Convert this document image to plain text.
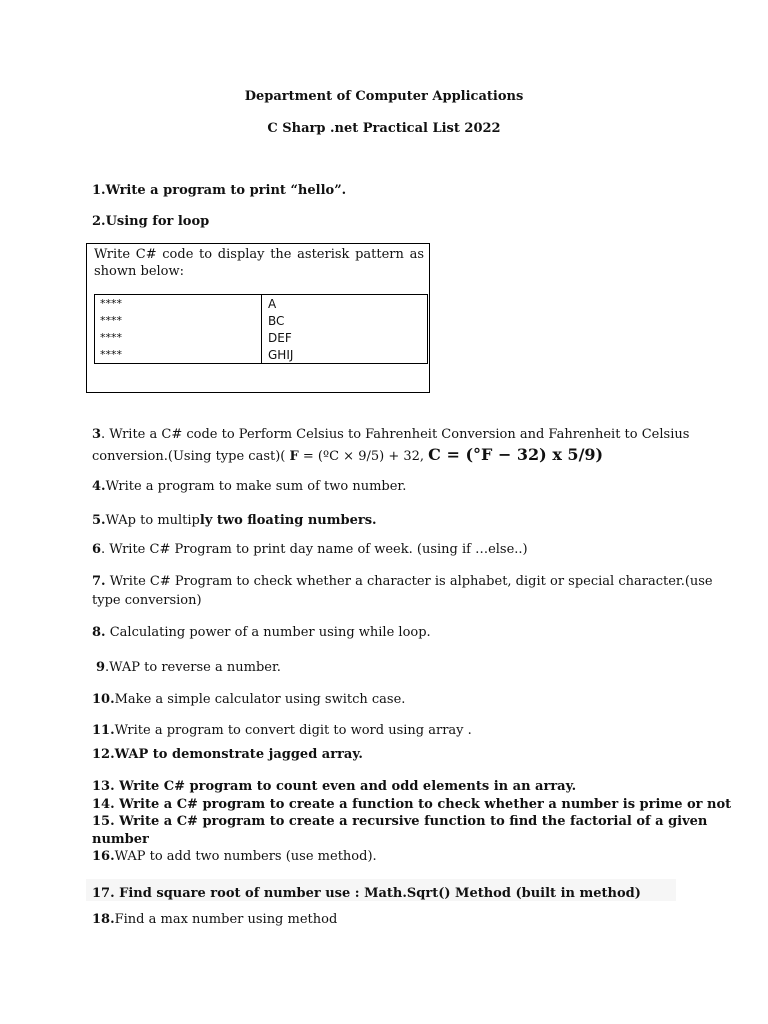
Department of Computer Applications
C Sharp .net Practical List 2022
1.Write a program to print “hello”.
2.Using for loop
Write C# code to display the asterisk pattern as shown below:
****
****
****
****
A
BC
DEF
GHIJ
3. Write a C# code to Perform Celsius to Fahrenheit Conversion and Fahrenheit to Celsius
conversion.(Using type cast)( F = (ºC × 9/5) + 32, C = (°F − 32) x 5/9)
4.Write a program to make sum of two number.
5.WAp to multiply two floating numbers.
6. Write C# Program to print day name of week. (using if …else..)
7. Write C# Program to check whether a character is alphabet, digit or special character.(use
type conversion)
8. Calculating power of a number using while loop.
9.WAP to reverse a number.
10.Make a simple calculator using switch case.
11.Write a program to convert digit to word using array .
12.WAP to demonstrate jagged array.
13. Write C# program to count even and odd elements in an array.
14. Write a C# program to create a function to check whether a number is prime or not
15. Write a C# program to create a recursive function to find the factorial of a given
number
16.WAP to add two numbers (use method).
17. Find square root of number use : Math.Sqrt() Method (built in method)
18.Find a max number using method
